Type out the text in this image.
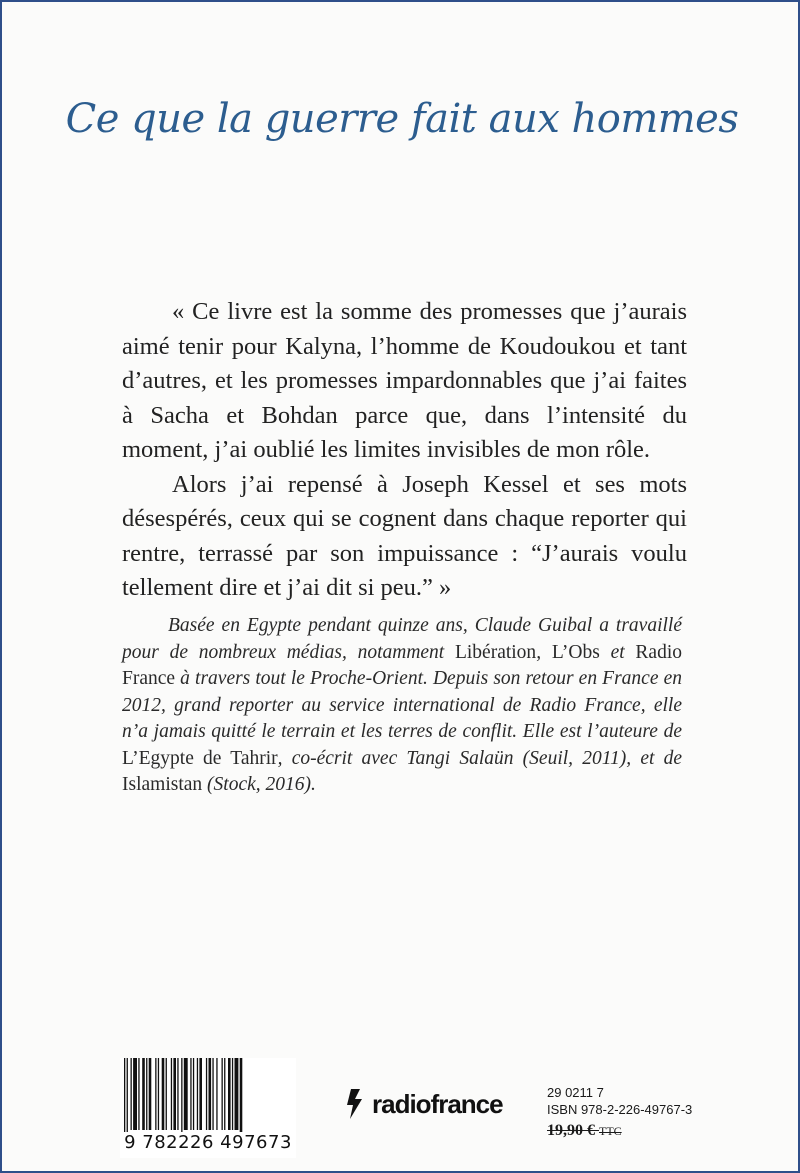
Ce que la guerre fait aux hommes

« Ce livre est la somme des promesses que j’aurais aimé tenir pour Kalyna, l’homme de Koudoukou et tant d’autres, et les promesses impardonnables que j’ai faites à Sacha et Bohdan parce que, dans l’intensité du moment, j’ai oublié les limites invisibles de mon rôle.

Alors j’ai repensé à Joseph Kessel et ses mots désespérés, ceux qui se cognent dans chaque reporter qui rentre, terrassé par son impuissance : “J’aurais voulu tellement dire et j’ai dit si peu.” »

Basée en Egypte pendant quinze ans, Claude Guibal a travaillé pour de nombreux médias, notamment Libération, L’Obs et Radio France à travers tout le Proche-Orient. Depuis son retour en France en 2012, grand reporter au service international de Radio France, elle n’a jamais quitté le terrain et les terres de conflit. Elle est l’auteure de L’Egypte de Tahrir, co-écrit avec Tangi Salaün (Seuil, 2011), et de Islamistan (Stock, 2016).

9 782226 497673
radiofrance	29 0211 7
ISBN 978-2-226-49767-3
19,90 € TTC
